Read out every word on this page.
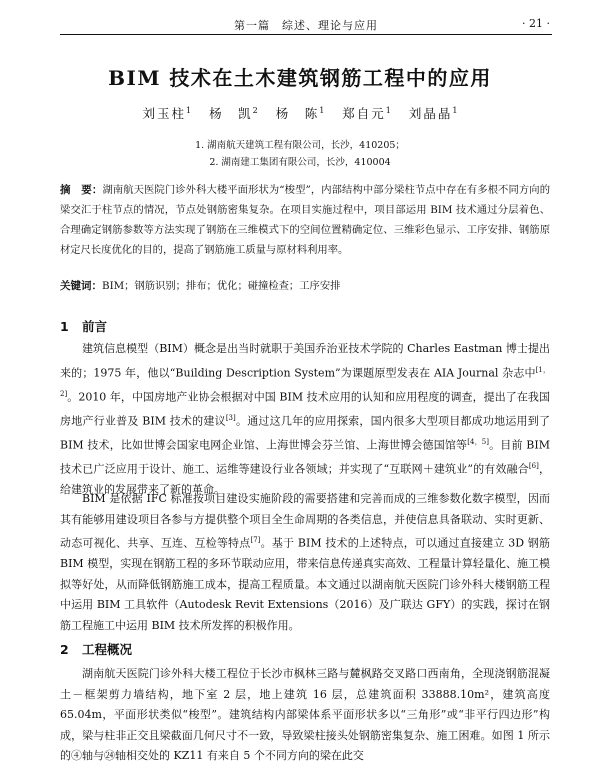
第一篇　综述、理论与应用	· 21 ·
BIM 技术在土木建筑钢筋工程中的应用
刘玉柱$^1$ 杨　凯$^2$ 杨　陈$^1$ 郑自元$^1$ 刘晶晶$^1$
1. 湖南航天建筑工程有限公司，长沙，410205；
2. 湖南建工集团有限公司，长沙，410004
摘　要：湖南航天医院门诊外科大楼平面形状为“梭型”，内部结构中部分梁柱节点中存在有多根不同方向的梁交汇于柱节点的情况，节点处钢筋密集复杂。在项目实施过程中，项目部运用 BIM 技术通过分层着色、合理确定钢筋参数等方法实现了钢筋在三维模式下的空间位置精确定位、三维彩色显示、工序安排、钢筋原材定尺长度优化的目的，提高了钢筋施工质量与原材料利用率。
关键词：BIM；钢筋识别；排布；优化；碰撞检查；工序安排
1 前言
建筑信息模型（BIM）概念是出当时就职于美国乔治亚技术学院的 Charles Eastman 博士提出来的；1975 年，他以“Building Description System”为课题原型发表在 AIA Journal 杂志中[1，2]。2010 年，中国房地产业协会根据对中国 BIM 技术应用的认知和应用程度的调查，提出了在我国房地产行业普及 BIM 技术的建议[3]。通过这几年的应用探索，国内很多大型项目都成功地运用到了 BIM 技术，比如世博会国家电网企业馆、上海世博会芬兰馆、上海世博会德国馆等[4，5]。目前 BIM 技术已广泛应用于设计、施工、运维等建设行业各领域；并实现了“互联网＋建筑业”的有效融合[6]，给建筑业的发展带来了新的革命。
BIM 是依据 IFC 标准按项目建设实施阶段的需要搭建和完善而成的三维参数化数字模型，因而其有能够用建设项目各参与方提供整个项目全生命周期的各类信息，并使信息具备联动、实时更新、动态可视化、共享、互连、互检等特点[7]。基于 BIM 技术的上述特点，可以通过直接建立 3D 钢筋 BIM 模型，实现在钢筋工程的多环节联动应用，带来信息传递真实高效、工程量计算轻量化、施工模拟等好处，从而降低钢筋施工成本，提高工程质量。本文通过以湖南航天医院门诊外科大楼钢筋工程中运用 BIM 工具软件（Autodesk Revit Extensions（2016）及广联达 GFY）的实践，探讨在钢筋工程施工中运用 BIM 技术所发挥的积极作用。
2 工程概况
湖南航天医院门诊外科大楼工程位于长沙市枫林三路与麓枫路交叉路口西南角，全现浇钢筋混凝土－框架剪力墙结构，地下室 2 层，地上建筑 16 层，总建筑面积 33888.10m²，建筑高度 65.04m，平面形状类似“梭型”。建筑结构内部梁体系平面形状多以“三角形”或“非平行四边形”构成，梁与柱非正交且梁截面几何尺寸不一致，导致梁柱接头处钢筋密集复杂、施工困难。如图 1 所示的④轴与㉔轴相交处的 KZ11 有来自 5 个不同方向的梁在此交
